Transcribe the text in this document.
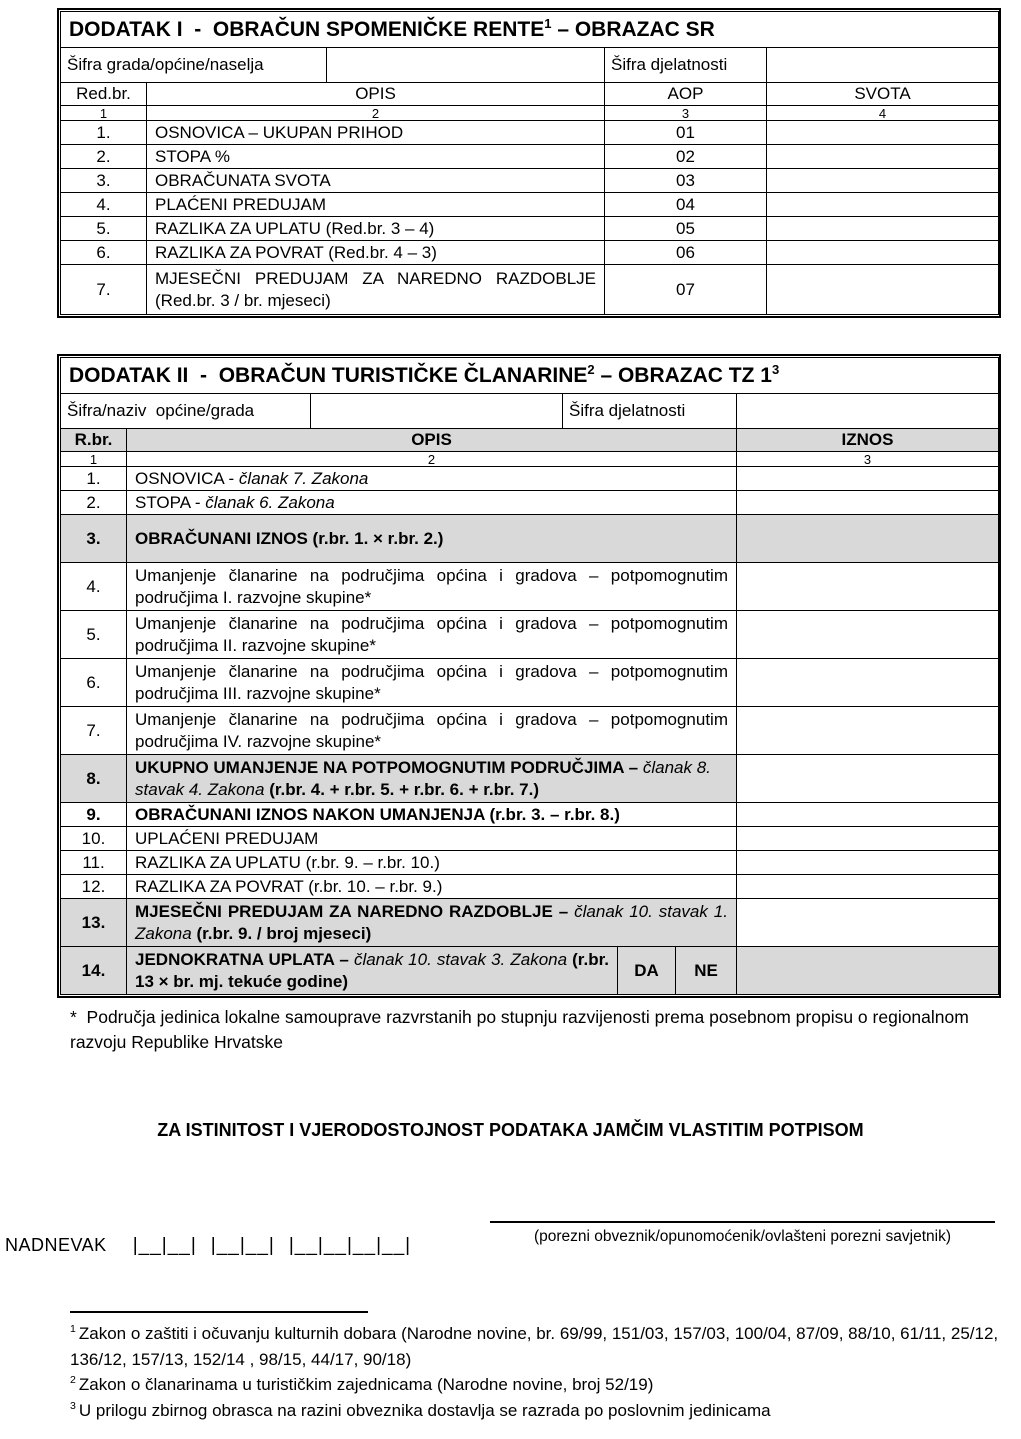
DODATAK I  -  OBRAČUN SPOMENIČKE RENTE$^1$ – OBRAZAC SR				
Šifra grada/općine/naselja			Šifra djelatnosti	
Red.br.	OPIS		AOP	SVOTA
1	2		3	4
1.	OSNOVICA – UKUPAN PRIHOD		01	
2.	STOPA %		02	
3.	OBRAČUNATA SVOTA		03	
4.	PLAĆENI PREDUJAM		04	
5.	RAZLIKA ZA UPLATU (Red.br. 3 – 4)		05	
6.	RAZLIKA ZA POVRAT (Red.br. 4 – 3)		06	
7.	MJESEČNI PREDUJAM ZA NAREDNO RAZDOBLJE (Red.br. 3 / br. mjeseci)		07	
DODATAK II  -  OBRAČUN TURISTIČKE ČLANARINE$^2$ – OBRAZAC TZ $1^3$
Šifra/naziv  općine/grada			Šifra djelatnosti			
R.br.	OPIS					IZNOS
1	2					3
1.	OSNOVICA - članak 7. Zakona					
2.	STOPA - članak 6. Zakona					
3.	OBRAČUNANI IZNOS (r.br. 1. × r.br. 2.)					
4.	Umanjenje članarine na područjima općina i gradova – potpomognutim područjima I. razvojne skupine*					
5.	Umanjenje članarine na područjima općina i gradova – potpomognutim područjima II. razvojne skupine*					
6.	Umanjenje članarine na područjima općina i gradova – potpomognutim područjima III. razvojne skupine*					
7.	Umanjenje članarine na područjima općina i gradova – potpomognutim područjima IV. razvojne skupine*					
8.	UKUPNO UMANJENJE NA POTPOMOGNUTIM PODRUČJIMA – članak 8. stavak 4. Zakona (r.br. 4. + r.br. 5. + r.br. 6. + r.br. 7.)					
9.	OBRAČUNANI IZNOS NAKON UMANJENJA (r.br. 3. – r.br. 8.)					
10.	UPLAĆENI PREDUJAM					
11.	RAZLIKA ZA UPLATU (r.br. 9. – r.br. 10.)					
12.	RAZLIKA ZA POVRAT (r.br. 10. – r.br. 9.)					
13.	MJESEČNI PREDUJAM ZA NAREDNO RAZDOBLJE – članak 10. stavak 1. Zakona (r.br. 9. / broj mjeseci)					
14.	JEDNOKRATNA UPLATA – članak 10. stavak 3. Zakona (r.br. 13 × br. mj. tekuće godine)			DA	NE	
*  Područja jedinica lokalne samouprave razvrstanih po stupnju razvijenosti prema posebnom propisu o regionalnom razvoju Republike Hrvatske
ZA ISTINITOST I VJERODOSTOJNOST PODATAKA JAMČIM VLASTITIM POTPISOM
NADNEVAK |__|__| |__|__| |__|__|__|__|	(porezni obveznik/opunomoćenik/ovlašteni porezni savjetnik)
$^1$ Zakon o zaštiti i očuvanju kulturnih dobara (Narodne novine, br. 69/99, 151/03, 157/03, 100/04, 87/09, 88/10, 61/11, 25/12, 136/12, 157/13, 152/14 , 98/15, 44/17, 90/18)
$^2$ Zakon o članarinama u turističkim zajednicama (Narodne novine, broj 52/19)
$^3$ U prilogu zbirnog obrasca na razini obveznika dostavlja se razrada po poslovnim jedinicama
